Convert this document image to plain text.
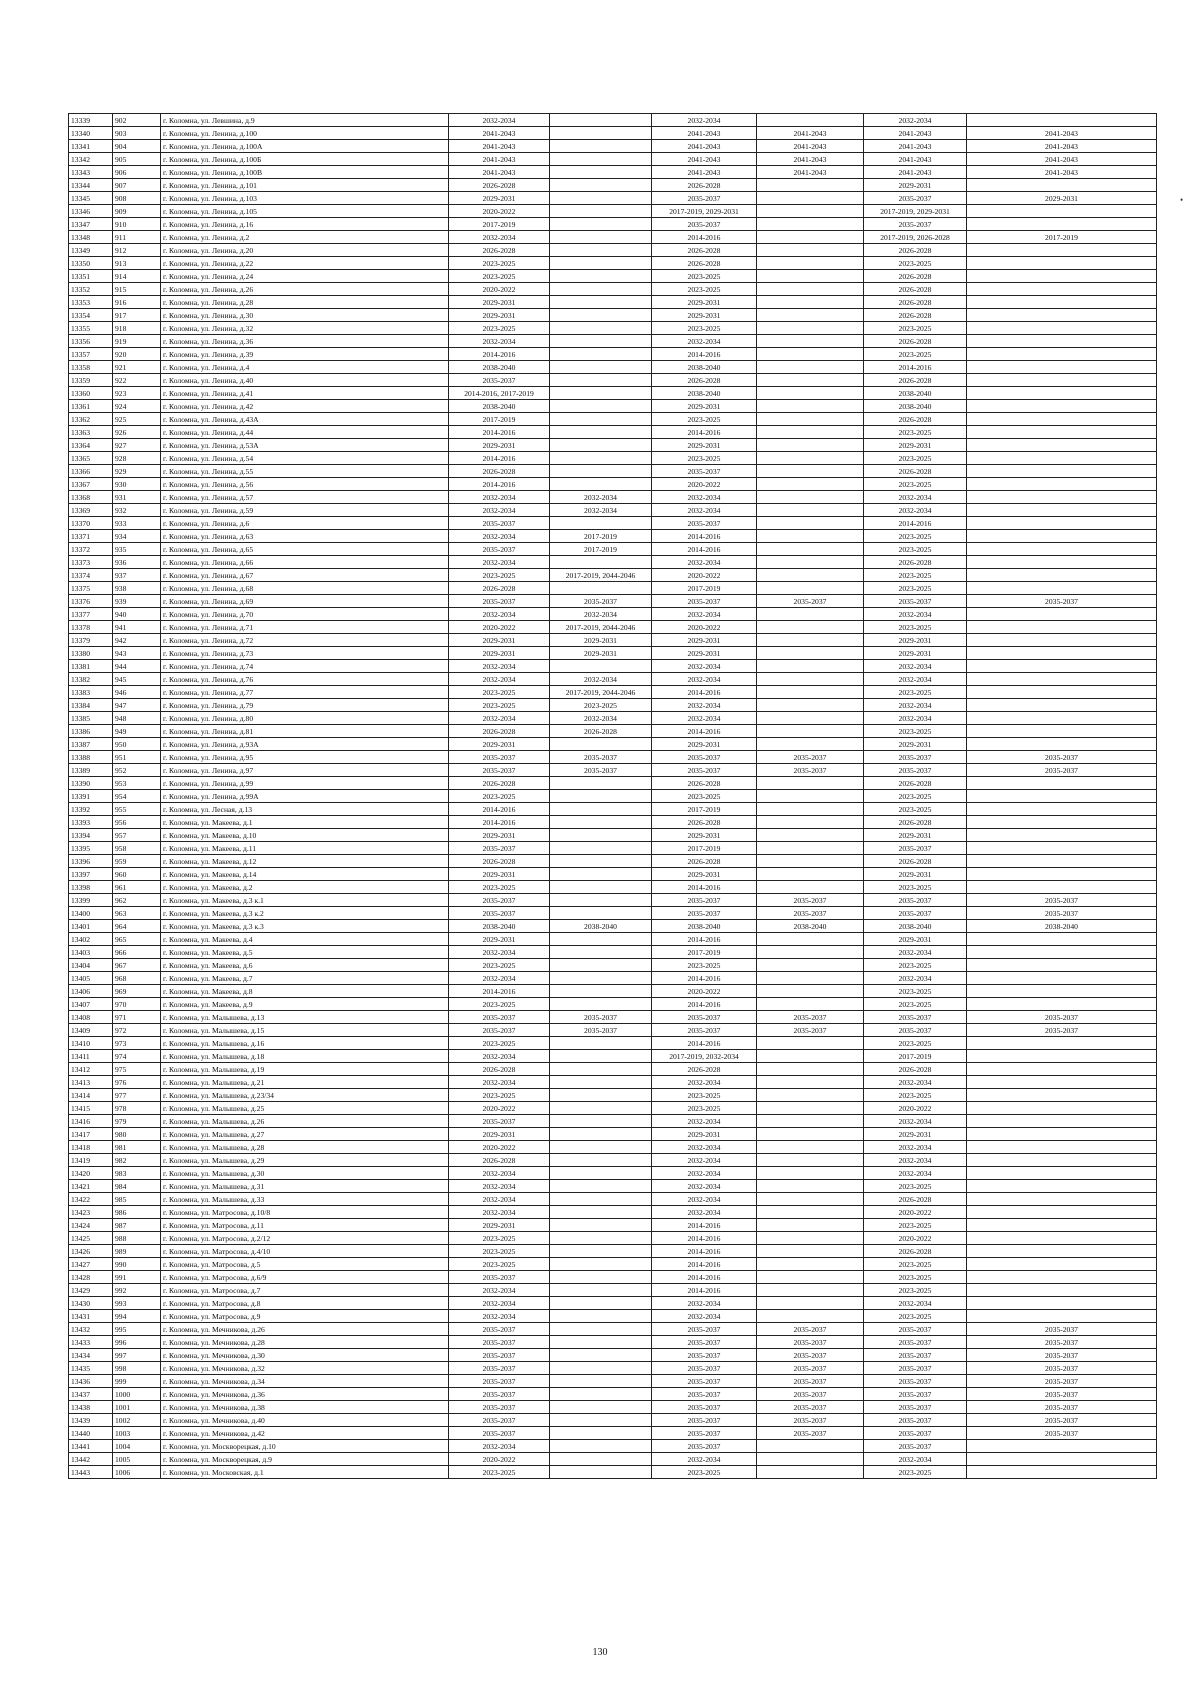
13339	902	г. Коломна, ул. Левшина, д.9	2032-2034		2032-2034		2032-2034	
13340	903	г. Коломна, ул. Ленина, д.100	2041-2043		2041-2043	2041-2043	2041-2043	2041-2043
13341	904	г. Коломна, ул. Ленина, д.100А	2041-2043		2041-2043	2041-2043	2041-2043	2041-2043
13342	905	г. Коломна, ул. Ленина, д.100Б	2041-2043		2041-2043	2041-2043	2041-2043	2041-2043
13343	906	г. Коломна, ул. Ленина, д.100В	2041-2043		2041-2043	2041-2043	2041-2043	2041-2043
13344	907	г. Коломна, ул. Ленина, д.101	2026-2028		2026-2028		2029-2031	
13345	908	г. Коломна, ул. Ленина, д.103	2029-2031		2035-2037		2035-2037	2029-2031
13346	909	г. Коломна, ул. Ленина, д.105	2020-2022		2017-2019, 2029-2031		2017-2019, 2029-2031	
13347	910	г. Коломна, ул. Ленина, д.16	2017-2019		2035-2037		2035-2037	
13348	911	г. Коломна, ул. Ленина, д.2	2032-2034		2014-2016		2017-2019, 2026-2028	2017-2019
13349	912	г. Коломна, ул. Ленина, д.20	2026-2028		2026-2028		2026-2028	
13350	913	г. Коломна, ул. Ленина, д.22	2023-2025		2026-2028		2023-2025	
13351	914	г. Коломна, ул. Ленина, д.24	2023-2025		2023-2025		2026-2028	
13352	915	г. Коломна, ул. Ленина, д.26	2020-2022		2023-2025		2026-2028	
13353	916	г. Коломна, ул. Ленина, д.28	2029-2031		2029-2031		2026-2028	
13354	917	г. Коломна, ул. Ленина, д.30	2029-2031		2029-2031		2026-2028	
13355	918	г. Коломна, ул. Ленина, д.32	2023-2025		2023-2025		2023-2025	
13356	919	г. Коломна, ул. Ленина, д.36	2032-2034		2032-2034		2026-2028	
13357	920	г. Коломна, ул. Ленина, д.39	2014-2016		2014-2016		2023-2025	
13358	921	г. Коломна, ул. Ленина, д.4	2038-2040		2038-2040		2014-2016	
13359	922	г. Коломна, ул. Ленина, д.40	2035-2037		2026-2028		2026-2028	
13360	923	г. Коломна, ул. Ленина, д.41	2014-2016, 2017-2019		2038-2040		2038-2040	
13361	924	г. Коломна, ул. Ленина, д.42	2038-2040		2029-2031		2038-2040	
13362	925	г. Коломна, ул. Ленина, д.43А	2017-2019		2023-2025		2026-2028	
13363	926	г. Коломна, ул. Ленина, д.44	2014-2016		2014-2016		2023-2025	
13364	927	г. Коломна, ул. Ленина, д.53А	2029-2031		2029-2031		2029-2031	
13365	928	г. Коломна, ул. Ленина, д.54	2014-2016		2023-2025		2023-2025	
13366	929	г. Коломна, ул. Ленина, д.55	2026-2028		2035-2037		2026-2028	
13367	930	г. Коломна, ул. Ленина, д.56	2014-2016		2020-2022		2023-2025	
13368	931	г. Коломна, ул. Ленина, д.57	2032-2034	2032-2034	2032-2034		2032-2034	
13369	932	г. Коломна, ул. Ленина, д.59	2032-2034	2032-2034	2032-2034		2032-2034	
13370	933	г. Коломна, ул. Ленина, д.6	2035-2037		2035-2037		2014-2016	
13371	934	г. Коломна, ул. Ленина, д.63	2032-2034	2017-2019	2014-2016		2023-2025	
13372	935	г. Коломна, ул. Ленина, д.65	2035-2037	2017-2019	2014-2016		2023-2025	
13373	936	г. Коломна, ул. Ленина, д.66	2032-2034		2032-2034		2026-2028	
13374	937	г. Коломна, ул. Ленина, д.67	2023-2025	2017-2019, 2044-2046	2020-2022		2023-2025	
13375	938	г. Коломна, ул. Ленина, д.68	2026-2028		2017-2019		2023-2025	
13376	939	г. Коломна, ул. Ленина, д.69	2035-2037	2035-2037	2035-2037	2035-2037	2035-2037	2035-2037
13377	940	г. Коломна, ул. Ленина, д.70	2032-2034	2032-2034	2032-2034		2032-2034	
13378	941	г. Коломна, ул. Ленина, д.71	2020-2022	2017-2019, 2044-2046	2020-2022		2023-2025	
13379	942	г. Коломна, ул. Ленина, д.72	2029-2031	2029-2031	2029-2031		2029-2031	
13380	943	г. Коломна, ул. Ленина, д.73	2029-2031	2029-2031	2029-2031		2029-2031	
13381	944	г. Коломна, ул. Ленина, д.74	2032-2034		2032-2034		2032-2034	
13382	945	г. Коломна, ул. Ленина, д.76	2032-2034	2032-2034	2032-2034		2032-2034	
13383	946	г. Коломна, ул. Ленина, д.77	2023-2025	2017-2019, 2044-2046	2014-2016		2023-2025	
13384	947	г. Коломна, ул. Ленина, д.79	2023-2025	2023-2025	2032-2034		2032-2034	
13385	948	г. Коломна, ул. Ленина, д.80	2032-2034	2032-2034	2032-2034		2032-2034	
13386	949	г. Коломна, ул. Ленина, д.81	2026-2028	2026-2028	2014-2016		2023-2025	
13387	950	г. Коломна, ул. Ленина, д.93А	2029-2031		2029-2031		2029-2031	
13388	951	г. Коломна, ул. Ленина, д.95	2035-2037	2035-2037	2035-2037	2035-2037	2035-2037	2035-2037
13389	952	г. Коломна, ул. Ленина, д.97	2035-2037	2035-2037	2035-2037	2035-2037	2035-2037	2035-2037
13390	953	г. Коломна, ул. Ленина, д.99	2026-2028		2026-2028		2026-2028	
13391	954	г. Коломна, ул. Ленина, д.99А	2023-2025		2023-2025		2023-2025	
13392	955	г. Коломна, ул. Лесная, д.13	2014-2016		2017-2019		2023-2025	
13393	956	г. Коломна, ул. Макеева, д.1	2014-2016		2026-2028		2026-2028	
13394	957	г. Коломна, ул. Макеева, д.10	2029-2031		2029-2031		2029-2031	
13395	958	г. Коломна, ул. Макеева, д.11	2035-2037		2017-2019		2035-2037	
13396	959	г. Коломна, ул. Макеева, д.12	2026-2028		2026-2028		2026-2028	
13397	960	г. Коломна, ул. Макеева, д.14	2029-2031		2029-2031		2029-2031	
13398	961	г. Коломна, ул. Макеева, д.2	2023-2025		2014-2016		2023-2025	
13399	962	г. Коломна, ул. Макеева, д.3 к.1	2035-2037		2035-2037	2035-2037	2035-2037	2035-2037
13400	963	г. Коломна, ул. Макеева, д.3 к.2	2035-2037		2035-2037	2035-2037	2035-2037	2035-2037
13401	964	г. Коломна, ул. Макеева, д.3 к.3	2038-2040	2038-2040	2038-2040	2038-2040	2038-2040	2038-2040
13402	965	г. Коломна, ул. Макеева, д.4	2029-2031		2014-2016		2029-2031	
13403	966	г. Коломна, ул. Макеева, д.5	2032-2034		2017-2019		2032-2034	
13404	967	г. Коломна, ул. Макеева, д.6	2023-2025		2023-2025		2023-2025	
13405	968	г. Коломна, ул. Макеева, д.7	2032-2034		2014-2016		2032-2034	
13406	969	г. Коломна, ул. Макеева, д.8	2014-2016		2020-2022		2023-2025	
13407	970	г. Коломна, ул. Макеева, д.9	2023-2025		2014-2016		2023-2025	
13408	971	г. Коломна, ул. Малышева, д.13	2035-2037	2035-2037	2035-2037	2035-2037	2035-2037	2035-2037
13409	972	г. Коломна, ул. Малышева, д.15	2035-2037	2035-2037	2035-2037	2035-2037	2035-2037	2035-2037
13410	973	г. Коломна, ул. Малышева, д.16	2023-2025		2014-2016		2023-2025	
13411	974	г. Коломна, ул. Малышева, д.18	2032-2034		2017-2019, 2032-2034		2017-2019	
13412	975	г. Коломна, ул. Малышева, д.19	2026-2028		2026-2028		2026-2028	
13413	976	г. Коломна, ул. Малышева, д.21	2032-2034		2032-2034		2032-2034	
13414	977	г. Коломна, ул. Малышева, д.23/34	2023-2025		2023-2025		2023-2025	
13415	978	г. Коломна, ул. Малышева, д.25	2020-2022		2023-2025		2020-2022	
13416	979	г. Коломна, ул. Малышева, д.26	2035-2037		2032-2034		2032-2034	
13417	980	г. Коломна, ул. Малышева, д.27	2029-2031		2029-2031		2029-2031	
13418	981	г. Коломна, ул. Малышева, д.28	2020-2022		2032-2034		2032-2034	
13419	982	г. Коломна, ул. Малышева, д.29	2026-2028		2032-2034		2032-2034	
13420	983	г. Коломна, ул. Малышева, д.30	2032-2034		2032-2034		2032-2034	
13421	984	г. Коломна, ул. Малышева, д.31	2032-2034		2032-2034		2023-2025	
13422	985	г. Коломна, ул. Малышева, д.33	2032-2034		2032-2034		2026-2028	
13423	986	г. Коломна, ул. Матросова, д.10/8	2032-2034		2032-2034		2020-2022	
13424	987	г. Коломна, ул. Матросова, д.11	2029-2031		2014-2016		2023-2025	
13425	988	г. Коломна, ул. Матросова, д.2/12	2023-2025		2014-2016		2020-2022	
13426	989	г. Коломна, ул. Матросова, д.4/10	2023-2025		2014-2016		2026-2028	
13427	990	г. Коломна, ул. Матросова, д.5	2023-2025		2014-2016		2023-2025	
13428	991	г. Коломна, ул. Матросова, д.6/9	2035-2037		2014-2016		2023-2025	
13429	992	г. Коломна, ул. Матросова, д.7	2032-2034		2014-2016		2023-2025	
13430	993	г. Коломна, ул. Матросова, д.8	2032-2034		2032-2034		2032-2034	
13431	994	г. Коломна, ул. Матросова, д.9	2032-2034		2032-2034		2023-2025	
13432	995	г. Коломна, ул. Мечникова, д.26	2035-2037		2035-2037	2035-2037	2035-2037	2035-2037
13433	996	г. Коломна, ул. Мечникова, д.28	2035-2037		2035-2037	2035-2037	2035-2037	2035-2037
13434	997	г. Коломна, ул. Мечникова, д.30	2035-2037		2035-2037	2035-2037	2035-2037	2035-2037
13435	998	г. Коломна, ул. Мечникова, д.32	2035-2037		2035-2037	2035-2037	2035-2037	2035-2037
13436	999	г. Коломна, ул. Мечникова, д.34	2035-2037		2035-2037	2035-2037	2035-2037	2035-2037
13437	1000	г. Коломна, ул. Мечникова, д.36	2035-2037		2035-2037	2035-2037	2035-2037	2035-2037
13438	1001	г. Коломна, ул. Мечникова, д.38	2035-2037		2035-2037	2035-2037	2035-2037	2035-2037
13439	1002	г. Коломна, ул. Мечникова, д.40	2035-2037		2035-2037	2035-2037	2035-2037	2035-2037
13440	1003	г. Коломна, ул. Мечникова, д.42	2035-2037		2035-2037	2035-2037	2035-2037	2035-2037
13441	1004	г. Коломна, ул. Москворецкая, д.10	2032-2034		2035-2037		2035-2037	
13442	1005	г. Коломна, ул. Москворецкая, д.9	2020-2022		2032-2034		2032-2034	
13443	1006	г. Коломна, ул. Московская, д.1	2023-2025		2023-2025		2023-2025	
130
•
